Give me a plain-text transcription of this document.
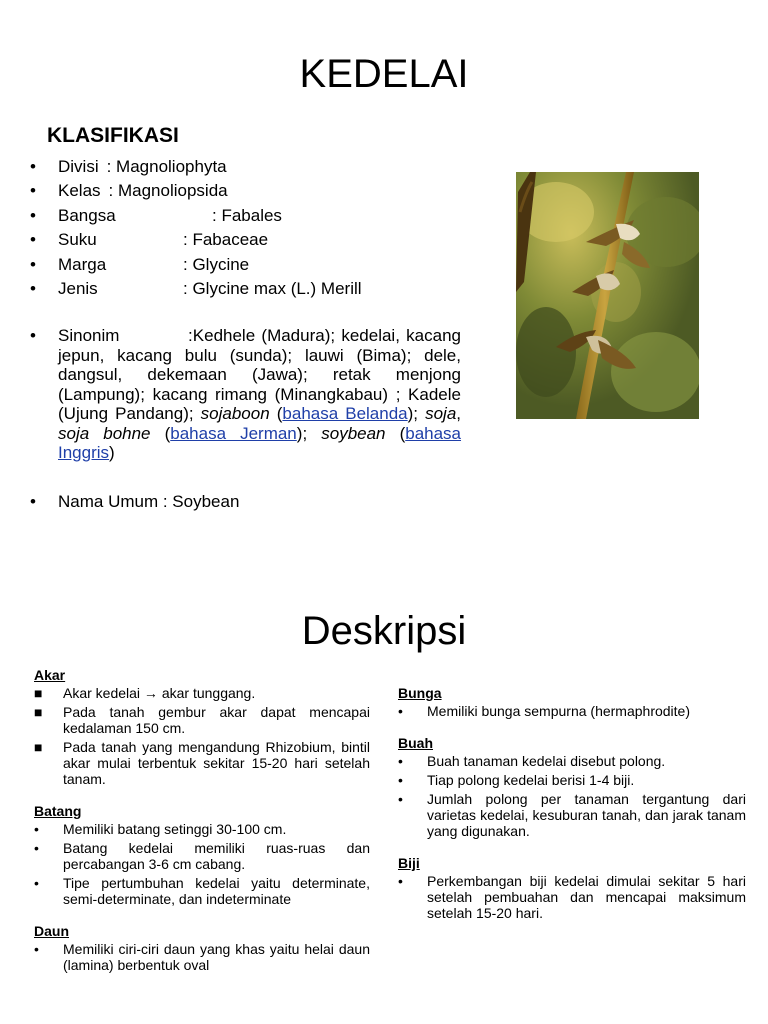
KEDELAI
KLASIFIKASI
•	Divisi : Magnoliophyta
•	Kelas : Magnoliopsida
•	Bangsa	: Fabales
•	Suku	: Fabaceae
•	Marga	: Glycine
•	Jenis	: Glycine max (L.) Merill
• Sinonim           :Kedhele (Madura); kedelai, kacang jepun, kacang bulu (sunda); lauwi (Bima); dele, dangsul, dekemaan (Jawa); retak menjong (Lampung); kacang rimang (Minangkabau) ; Kadele (Ujung Pandang); sojaboon (bahasa Belanda); soja, soja bohne (bahasa Jerman); soybean (bahasa Inggris)
• Nama Umum : Soybean
Deskripsi
Akar
■ Akar kedelai → akar tunggang.
■ Pada tanah gembur akar dapat mencapai kedalaman 150 cm.
■ Pada tanah yang mengandung Rhizobium, bintil akar mulai terbentuk sekitar 15-20 hari setelah tanam.
Batang
• Memiliki batang setinggi 30-100 cm.
• Batang kedelai memiliki ruas-ruas dan percabangan 3-6 cm cabang.
• Tipe pertumbuhan kedelai yaitu determinate, semi-determinate, dan indeterminate
Daun
• Memiliki ciri-ciri daun yang khas yaitu helai daun (lamina) berbentuk oval
Bunga
• Memiliki bunga sempurna (hermaphrodite)
Buah
• Buah tanaman kedelai disebut polong.
• Tiap polong kedelai berisi 1-4 biji.
• Jumlah polong per tanaman tergantung dari varietas kedelai, kesuburan tanah, dan jarak tanam yang digunakan.
Biji
• Perkembangan biji kedelai dimulai sekitar 5 hari setelah pembuahan dan mencapai maksimum setelah 15-20 hari.
